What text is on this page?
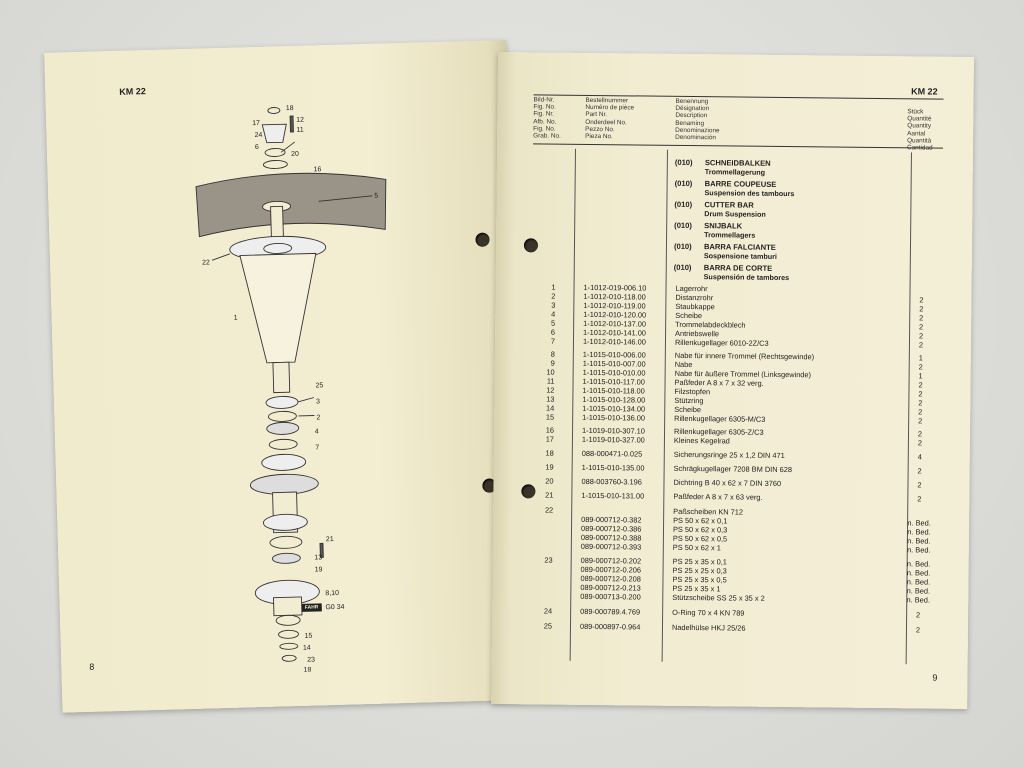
KM 22
8
18
12
11
17
24
6
20
16
5
22
1
25
3
2
4
7
21
13
19
8,10
15
14
23
18
FAHR G0 34
KM 22
Bild-Nr.
Fig. No.
Fig. Nr.
Afb. No.
Fig. No.
Grab. No.
Bestellnummer
Numéro de pièce
Part Nr.
Onderdeel No.
Pezzo No.
Pieza No.
Benennung
Désignation
Description
Benaming
Denominazione
Denominación
Stück
Quantité
Quantity
Aantal
Quantità
Cantidad
(010)	SCHNEIDBALKEN
Trommellagerung
(010)	BARRE COUPEUSE
Suspension des tambours
(010)	CUTTER BAR
Drum Suspension
(010)	SNIJBALK
Trommellagers
(010)	BARRA FALCIANTE
Sospensione tamburi
(010)	BARRA DE CORTE
Suspensión de tambores
1	1-1012-019-006.10	Lagerrohr
2	1-1012-010-118.00	Distanzrohr	2
3	1-1012-010-119.00	Staubkappe	2
4	1-1012-010-120.00	Scheibe	2
5	1-1012-010-137.00	Trommelabdeckblech	2
6	1-1012-010-141.00	Antriebswelle	2
7	1-1012-010-146.00	Rillenkugellager 6010-2Z/C3	2
8	1-1015-010-006.00	Nabe für innere Trommel (Rechtsgewinde)	1
9	1-1015-010-007.00	Nabe	2
10	1-1015-010-010.00	Nabe für äußere Trommel (Linksgewinde)	1
11	1-1015-010-117.00	Paßfeder A 8 x 7 x 32 verg.	2
12	1-1015-010-118.00	Filzstopfen	2
13	1-1015-010-128.00	Stützring	2
14	1-1015-010-134.00	Scheibe	2
15	1-1015-010-136.00	Rillenkugellager 6305-M/C3	2
16	1-1019-010-307.10	Rillenkugellager 6305-Z/C3	2
17	1-1019-010-327.00	Kleines Kegelrad	2
18	088-000471-0.025	Sicherungsringe 25 x 1,2 DIN 471	4
19	1-1015-010-135.00	Schrägkugellager 7208 BM DIN 628	2
20	088-003760-3.196	Dichtring B 40 x 62 x 7 DIN 3760	2
21	1-1015-010-131.00	Paßfeder A 8 x 7 x 63 verg.	2
22	Paßscheiben KN 712
089-000712-0.382	PS 50 x 62 x 0,1	n. Bed.
089-000712-0.386	PS 50 x 62 x 0,3	n. Bed.
089-000712-0.388	PS 50 x 62 x 0,5	n. Bed.
089-000712-0.393	PS 50 x 62 x 1	n. Bed.
23	089-000712-0.202	PS 25 x 35 x 0,1	n. Bed.
089-000712-0.206	PS 25 x 25 x 0,3	n. Bed.
089-000712-0.208	PS 25 x 35 x 0,5	n. Bed.
089-000712-0.213	PS 25 x 35 x 1	n. Bed.
089-000713-0.200	Stützscheibe SS 25 x 35 x 2	n. Bed.
24	089-000789.4.769	O-Ring 70 x 4 KN 789	2
25	089-000897-0.964	Nadelhülse HKJ 25/26	2
9
